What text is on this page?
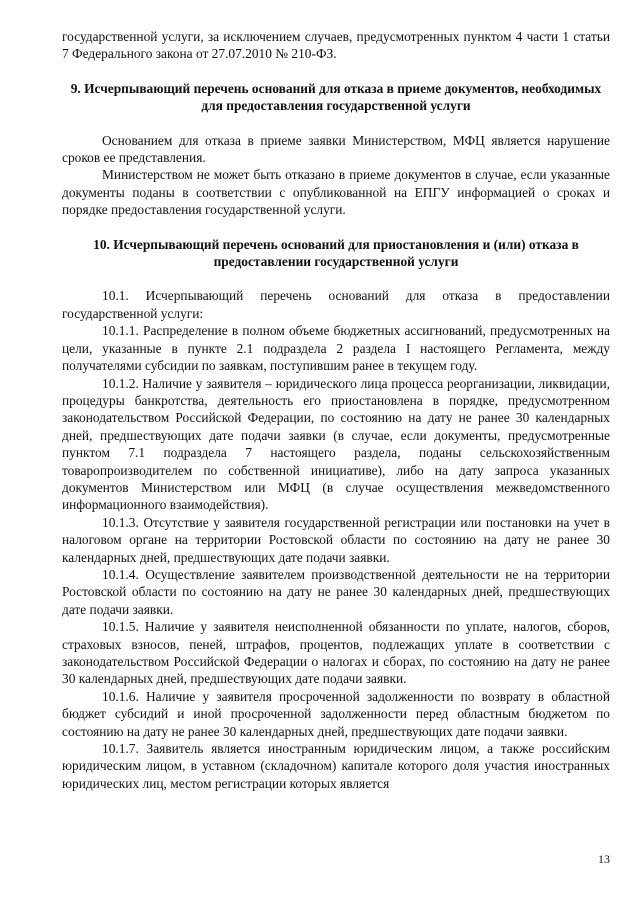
государственной услуги, за исключением случаев, предусмотренных пунктом 4 части 1 статьи 7 Федерального закона от 27.07.2010 № 210-ФЗ.

9. Исчерпывающий перечень оснований для отказа в приеме документов, необходимых для предоставления государственной услуги

Основанием для отказа в приеме заявки Министерством, МФЦ является нарушение сроков ее представления.

Министерством не может быть отказано в приеме документов в случае, если указанные документы поданы в соответствии с опубликованной на ЕПГУ информацией о сроках и порядке предоставления государственной услуги.

10. Исчерпывающий перечень оснований для приостановления и (или) отказа в предоставлении государственной услуги

10.1. Исчерпывающий перечень оснований для отказа в предоставлении государственной услуги:

10.1.1. Распределение в полном объеме бюджетных ассигнований, предусмотренных на цели, указанные в пункте 2.1 подраздела 2 раздела I настоящего Регламента, между получателями субсидии по заявкам, поступившим ранее в текущем году.

10.1.2. Наличие у заявителя – юридического лица процесса реорганизации, ликвидации, процедуры банкротства, деятельность его приостановлена в порядке, предусмотренном законодательством Российской Федерации, по состоянию на дату не ранее 30 календарных дней, предшествующих дате подачи заявки (в случае, если документы, предусмотренные пунктом 7.1 подраздела 7 настоящего раздела, поданы сельскохозяйственным товаропроизводителем по собственной инициативе), либо на дату запроса указанных документов Министерством или МФЦ (в случае осуществления межведомственного информационного взаимодействия).

10.1.3. Отсутствие у заявителя государственной регистрации или постановки на учет в налоговом органе на территории Ростовской области по состоянию на дату не ранее 30 календарных дней, предшествующих дате подачи заявки.

10.1.4. Осуществление заявителем производственной деятельности не на территории Ростовской области по состоянию на дату не ранее 30 календарных дней, предшествующих дате подачи заявки.

10.1.5. Наличие у заявителя неисполненной обязанности по уплате, налогов, сборов, страховых взносов, пеней, штрафов, процентов, подлежащих уплате в соответствии с законодательством Российской Федерации о налогах и сборах, по состоянию на дату не ранее 30 календарных дней, предшествующих дате подачи заявки.

10.1.6. Наличие у заявителя просроченной задолженности по возврату в областной бюджет субсидий и иной просроченной задолженности перед областным бюджетом по состоянию на дату не ранее 30 календарных дней, предшествующих дате подачи заявки.

10.1.7. Заявитель является иностранным юридическим лицом, а также российским юридическим лицом, в уставном (складочном) капитале которого доля участия иностранных юридических лиц, местом регистрации которых является

13
